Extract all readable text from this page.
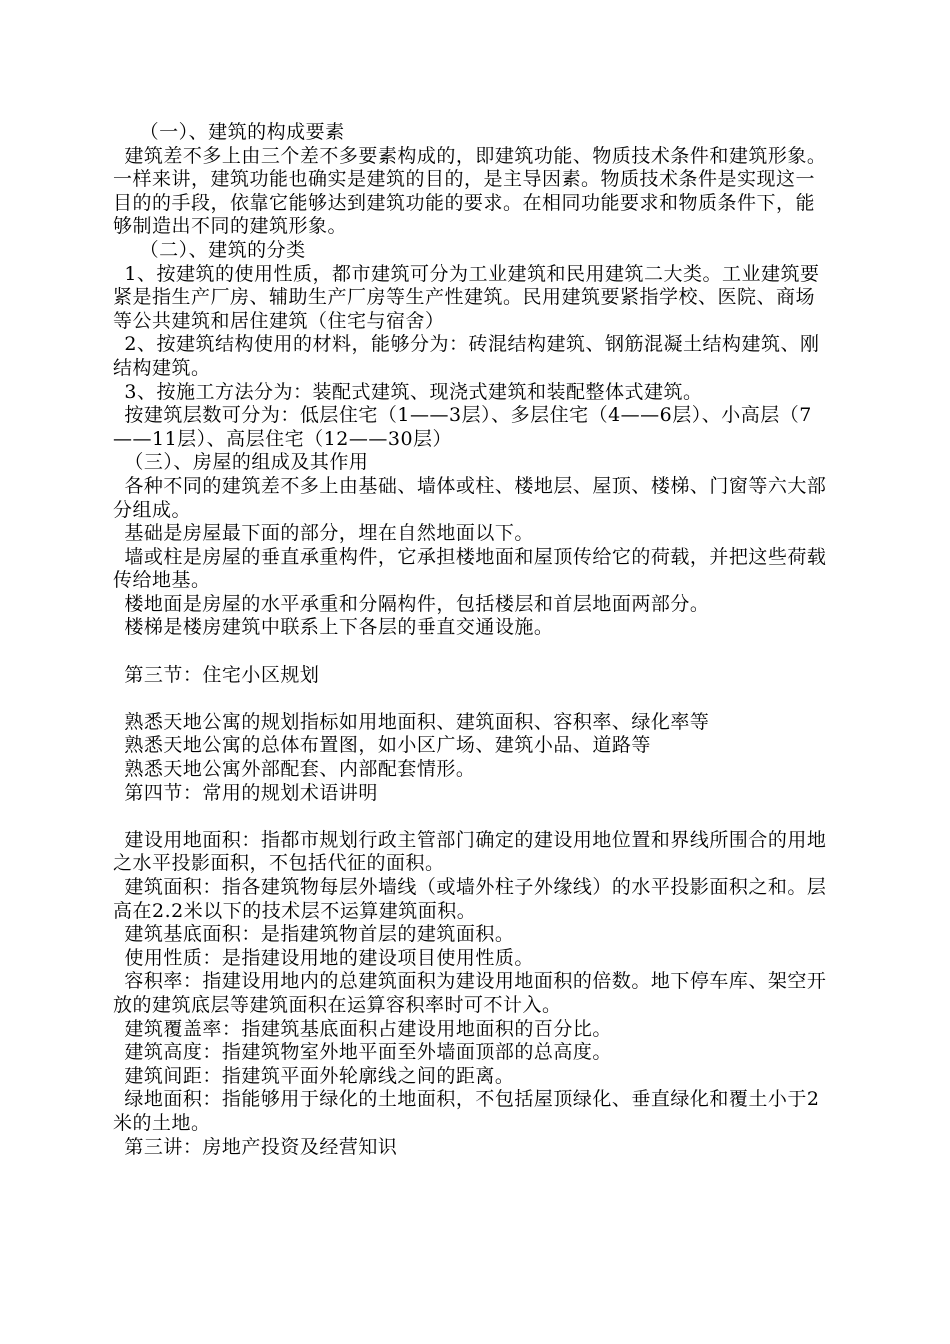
（一）、建筑的构成要素

建筑差不多上由三个差不多要素构成的，即建筑功能、物质技术条件和建筑形象。一样来讲，建筑功能也确实是建筑的目的，是主导因素。物质技术条件是实现这一目的的手段，依靠它能够达到建筑功能的要求。在相同功能要求和物质条件下，能够制造出不同的建筑形象。

（二）、建筑的分类

1、按建筑的使用性质，都市建筑可分为工业建筑和民用建筑二大类。工业建筑要紧是指生产厂房、辅助生产厂房等生产性建筑。民用建筑要紧指学校、医院、商场等公共建筑和居住建筑（住宅与宿舍）

2、按建筑结构使用的材料，能够分为：砖混结构建筑、钢筋混凝土结构建筑、刚结构建筑。

3、按施工方法分为：装配式建筑、现浇式建筑和装配整体式建筑。

按建筑层数可分为：低层住宅（1——3层）、多层住宅（4——6层）、小高层（7——11层）、高层住宅（12——30层）

（三）、房屋的组成及其作用

各种不同的建筑差不多上由基础、墙体或柱、楼地层、屋顶、楼梯、门窗等六大部分组成。

基础是房屋最下面的部分，埋在自然地面以下。

墙或柱是房屋的垂直承重构件，它承担楼地面和屋顶传给它的荷载，并把这些荷载传给地基。

楼地面是房屋的水平承重和分隔构件，包括楼层和首层地面两部分。

楼梯是楼房建筑中联系上下各层的垂直交通设施。

第三节：住宅小区规划

熟悉天地公寓的规划指标如用地面积、建筑面积、容积率、绿化率等

熟悉天地公寓的总体布置图，如小区广场、建筑小品、道路等

熟悉天地公寓外部配套、内部配套情形。

第四节：常用的规划术语讲明

建设用地面积：指都市规划行政主管部门确定的建设用地位置和界线所围合的用地之水平投影面积，不包括代征的面积。

建筑面积：指各建筑物每层外墙线（或墙外柱子外缘线）的水平投影面积之和。层高在2.2米以下的技术层不运算建筑面积。

建筑基底面积：是指建筑物首层的建筑面积。

使用性质：是指建设用地的建设项目使用性质。

容积率：指建设用地内的总建筑面积为建设用地面积的倍数。地下停车库、架空开放的建筑底层等建筑面积在运算容积率时可不计入。

建筑覆盖率：指建筑基底面积占建设用地面积的百分比。

建筑高度：指建筑物室外地平面至外墙面顶部的总高度。

建筑间距：指建筑平面外轮廓线之间的距离。

绿地面积：指能够用于绿化的土地面积，不包括屋顶绿化、垂直绿化和覆土小于2米的土地。

第三讲：房地产投资及经营知识
